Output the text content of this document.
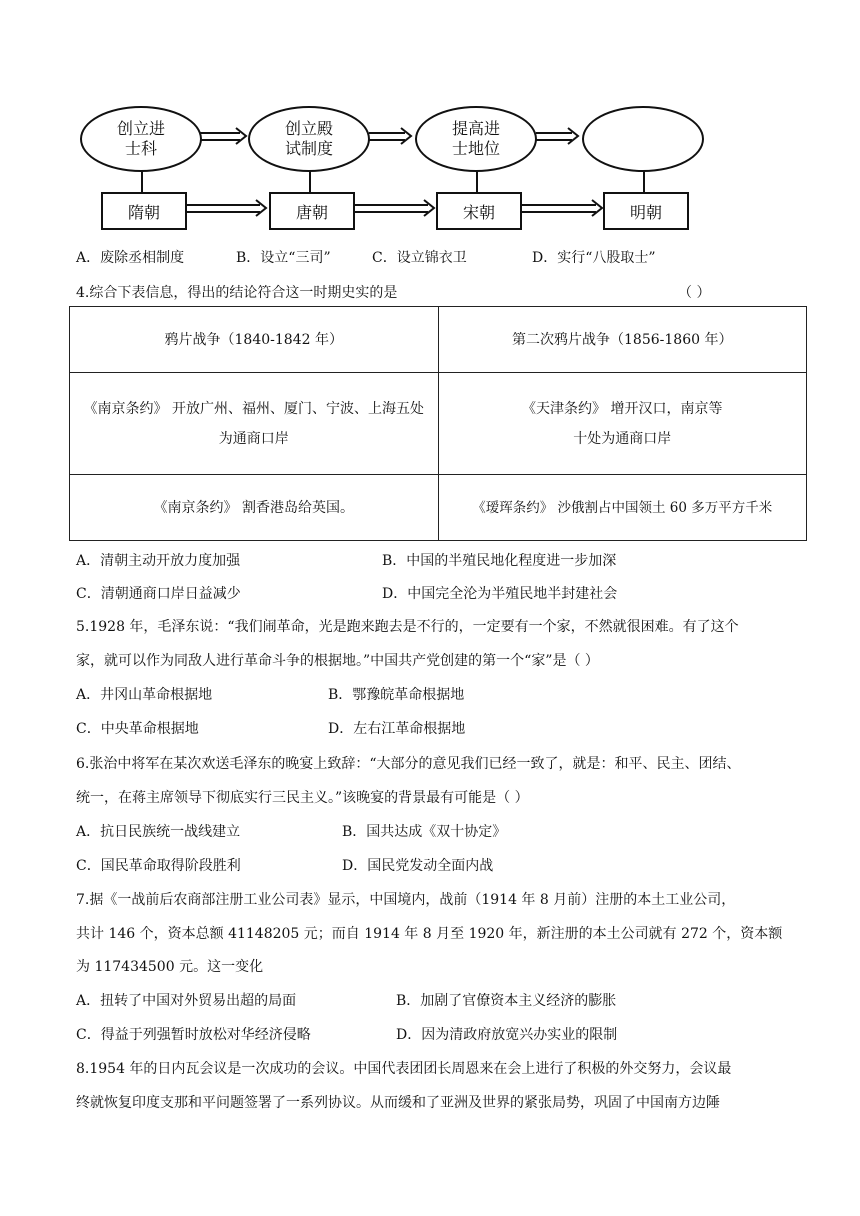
创立进士科
创立殿试制度
提高进士地位
隋朝	唐朝	宋朝	明朝
A．废除丞相制度	B．设立“三司”	C．设立锦衣卫	D．实行“八股取士”
4.综合下表信息，得出的结论符合这一时期史实的是	（ ）
鸦片战争（1840-1842 年）	第二次鸦片战争（1856-1860 年）
《南京条约》 开放广州、福州、厦门、宁波、上海五处为通商口岸	《天津条约》 增开汉口，南京等十处为通商口岸
《南京条约》 割香港岛给英国。	《瑷珲条约》 沙俄割占中国领土 60 多万平方千米
A．清朝主动开放力度加强	B．中国的半殖民地化程度进一步加深
C．清朝通商口岸日益减少	D．中国完全沦为半殖民地半封建社会
5.1928 年，毛泽东说：“我们闹革命，光是跑来跑去是不行的，一定要有一个家，不然就很困难。有了这个
家，就可以作为同敌人进行革命斗争的根据地。”中国共产党创建的第一个“家”是（ ）
A．井冈山革命根据地	B．鄂豫皖革命根据地
C．中央革命根据地	D．左右江革命根据地
6.张治中将军在某次欢送毛泽东的晚宴上致辞：“大部分的意见我们已经一致了，就是：和平、民主、团结、
统一，在蒋主席领导下彻底实行三民主义。”该晚宴的背景最有可能是（ ）
A．抗日民族统一战线建立	B．国共达成《双十协定》
C．国民革命取得阶段胜利	D．国民党发动全面内战
7.据《一战前后农商部注册工业公司表》显示，中国境内，战前（1914 年 8 月前）注册的本土工业公司，
共计 146 个，资本总额 41148205 元；而自 1914 年 8 月至 1920 年，新注册的本土公司就有 272 个，资本额
为 117434500 元。这一变化
A．扭转了中国对外贸易出超的局面	B．加剧了官僚资本主义经济的膨胀
C．得益于列强暂时放松对华经济侵略	D．因为清政府放宽兴办实业的限制
8.1954 年的日内瓦会议是一次成功的会议。中国代表团团长周恩来在会上进行了积极的外交努力，会议最
终就恢复印度支那和平问题签署了一系列协议。从而缓和了亚洲及世界的紧张局势，巩固了中国南方边陲
